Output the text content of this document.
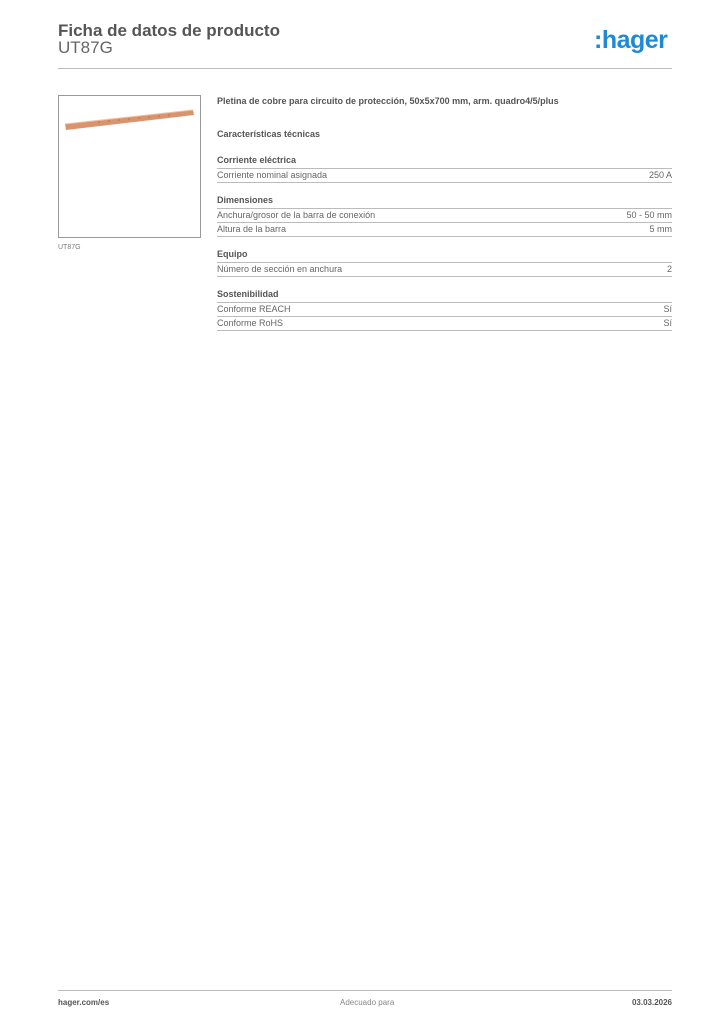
Ficha de datos de producto
UT87G	:hager
UT87G
Pletina de cobre para circuito de protección, 50x5x700 mm, arm. quadro4/5/plus
Características técnicas
Corriente eléctrica
Corriente nominal asignada	250 A
Dimensiones
Anchura/grosor de la barra de conexión	50 - 50 mm
Altura de la barra	5 mm
Equipo
Número de sección en anchura	2
Sostenibilidad
Conforme REACH	Sí
Conforme RoHS	Sí
hager.com/es	Adecuado para	03.03.2026
